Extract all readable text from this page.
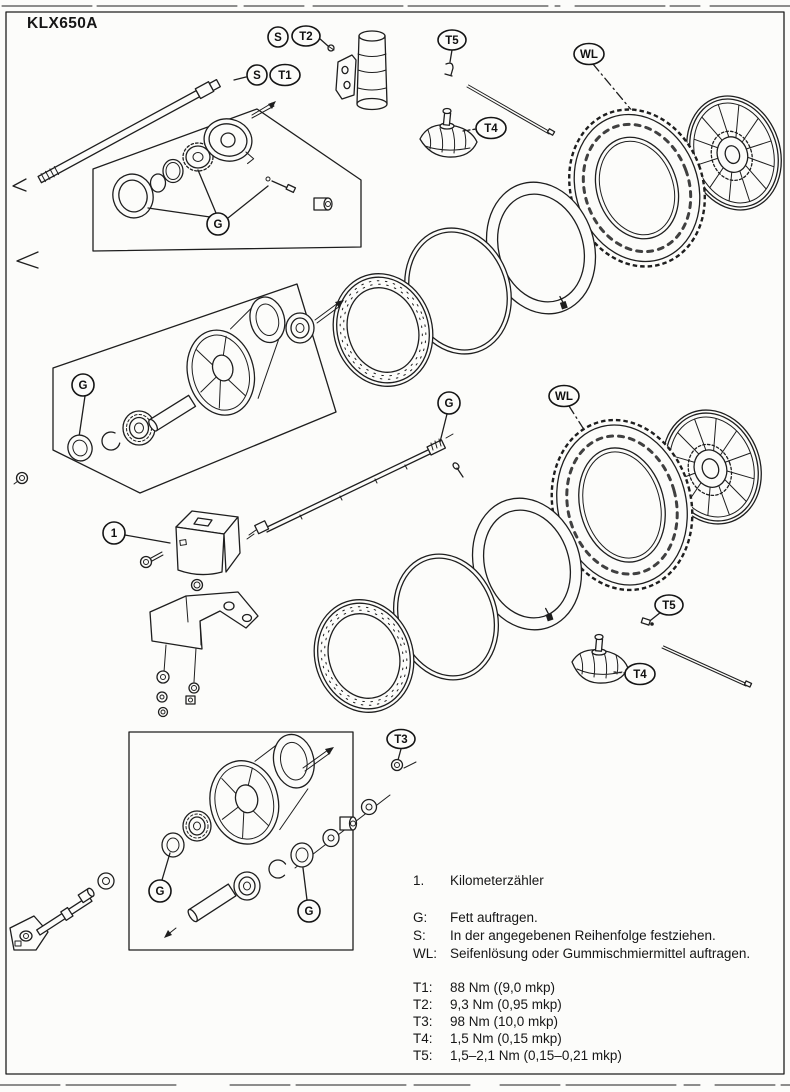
S T1
S T2	T5
T4
WL
G
G
G
WL
1
G
G
T3
T5
T4
KLX650A
1.	Kilometerzähler
G:	Fett auftragen.
S:	In der angegebenen Reihenfolge festziehen.
WL: Seifenlösung oder Gummischmiermittel auftragen.
T1:	88 Nm ((9,0 mkp)
T2:	9,3 Nm (0,95 mkp)
T3:	98 Nm (10,0 mkp)
T4:	1,5 Nm (0,15 mkp)
T5:	1,5–2,1 Nm (0,15–0,21 mkp)
